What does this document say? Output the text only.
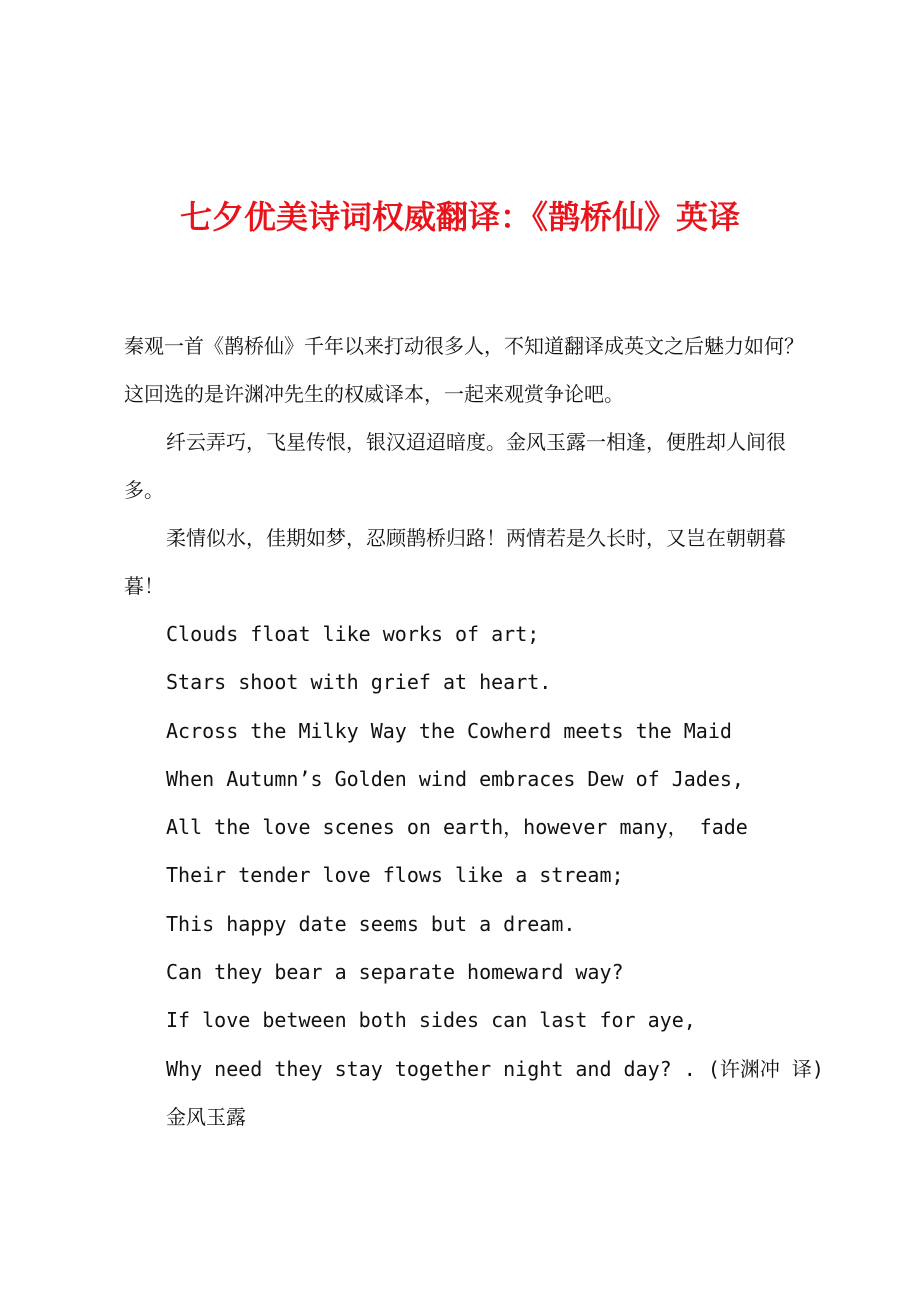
七夕优美诗词权威翻译：《鹊桥仙》英译

秦观一首《鹊桥仙》千年以来打动很多人，不知道翻译成英文之后魅力如何？这回选的是许渊冲先生的权威译本，一起来观赏争论吧。

纤云弄巧，飞星传恨，银汉迢迢暗度。金风玉露一相逢，便胜却人间很多。

柔情似水，佳期如梦，忍顾鹊桥归路！两情若是久长时，又岂在朝朝暮暮！

Clouds float like works of art;
Stars shoot with grief at heart.
Across the Milky Way the Cowherd meets the Maid
When Autumn’s Golden wind embraces Dew of Jades,
All the love scenes on earth，however many， fade
Their tender love flows like a stream;
This happy date seems but a dream.
Can they bear a separate homeward way?
If love between both sides can last for aye,
Why need they stay together night and day? . (许渊冲 译)
金风玉露
